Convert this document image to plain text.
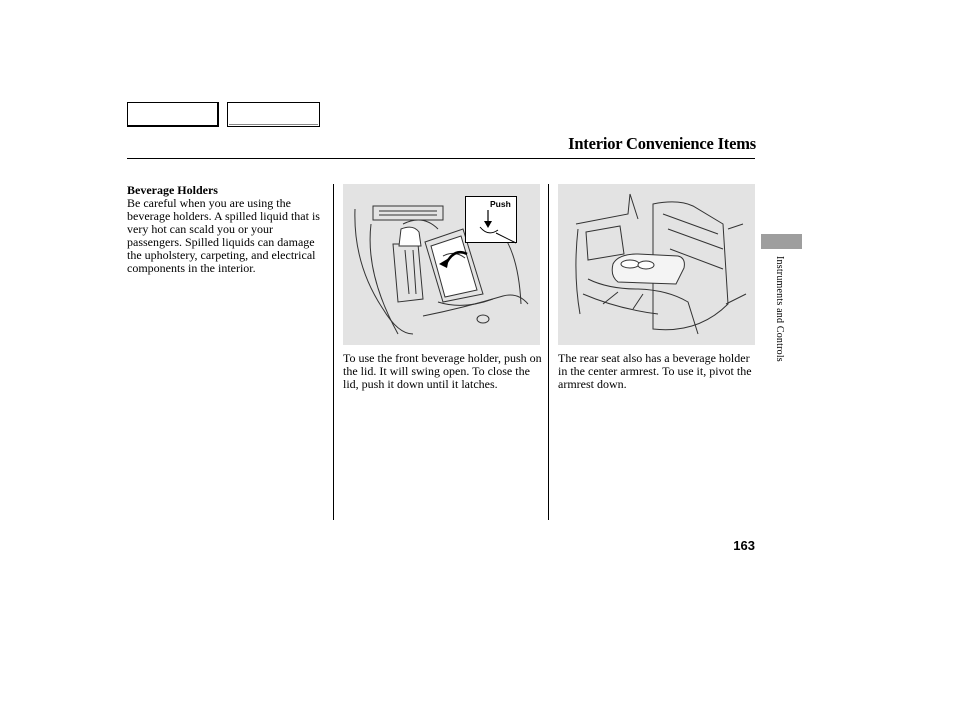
Interior Convenience Items
Beverage Holders
Be careful when you are using the beverage holders. A spilled liquid that is very hot can scald you or your passengers. Spilled liquids can damage the upholstery, carpeting, and electrical components in the interior.
Push
To use the front beverage holder, push on the lid. It will swing open. To close the lid, push it down until it latches.
The rear seat also has a beverage holder in the center armrest. To use it, pivot the armrest down.
Instruments and Controls
163
